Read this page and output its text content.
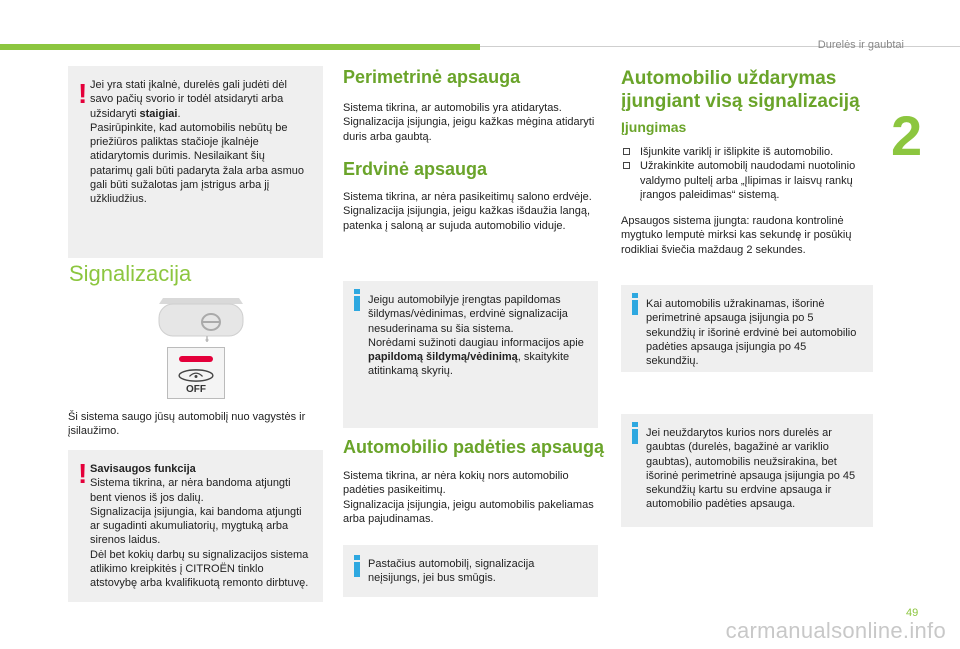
Durelės ir gaubtai
2
! Jei yra stati įkalnė, durelės gali judėti dėl savo pačių svorio ir todėl atsidaryti arba užsidaryti staigiai.
Pasirūpinkite, kad automobilis nebūtų be priežiūros paliktas stačioje įkalnėje atidarytomis durimis. Nesilaikant šių patarimų gali būti padaryta žala arba asmuo gali būti sužalotas jam įstrigus arba jį užkliudžius.

Signalizacija
OFF
Ši sistema saugo jūsų automobilį nuo vagystės ir įsilaužimo.
! Savisaugos funkcija

Sistema tikrina, ar nėra bandoma atjungti bent vienos iš jos dalių.
Signalizacija įsijungia, kai bandoma atjungti ar sugadinti akumuliatorių, mygtuką arba sirenos laidus.
Dėl bet kokių darbų su signalizacijos sistema atlikimo kreipkitės į CITROËN tinklo atstovybę arba kvalifikuotą remonto dirbtuvę.

Perimetrinė apsauga
Sistema tikrina, ar automobilis yra atidarytas.
Signalizacija įsijungia, jeigu kažkas mėgina atidaryti duris arba gaubtą.
Erdvinė apsauga
Sistema tikrina, ar nėra pasikeitimų salono erdvėje.
Signalizacija įsijungia, jeigu kažkas išdaužia langą, patenka į saloną ar sujuda automobilio viduje.

Jeigu automobilyje įrengtas papildomas šildymas/vėdinimas, erdvinė signalizacija nesuderinama su šia sistema.
Norėdami sužinoti daugiau informacijos apie papildomą šildymą/vėdinimą, skaitykite atitinkamą skyrių.

Automobilio padėties apsaugą
Sistema tikrina, ar nėra kokių nors automobilio padėties pasikeitimų.
Signalizacija įsijungia, jeigu automobilis pakeliamas arba pajudinamas.

Pastačius automobilį, signalizacija neįsijungs, jei bus smūgis.

Automobilio uždarymas įjungiant visą signalizaciją
Įjungimas
Išjunkite variklį ir išlipkite iš automobilio.
Užrakinkite automobilį naudodami nuotolinio valdymo pultelį arba „Įlipimas ir laisvų rankų įrangos paleidimas“ sistemą.
Apsaugos sistema įjungta: raudona kontrolinė mygtuko lemputė mirksi kas sekundę ir posūkių rodikliai šviečia maždaug 2 sekundes.

Kai automobilis užrakinamas, išorinė perimetrinė apsauga įsijungia po 5 sekundžių ir išorinė erdvinė bei automobilio padėties apsauga įsijungia po 45 sekundžių.

Jei neuždarytos kurios nors durelės ar gaubtas (durelės, bagažinė ar variklio gaubtas), automobilis neužsirakina, bet išorinė perimetrinė apsauga įsijungia po 45 sekundžių kartu su erdvine apsauga ir automobilio padėties apsauga.

49
carmanualsonline.info
